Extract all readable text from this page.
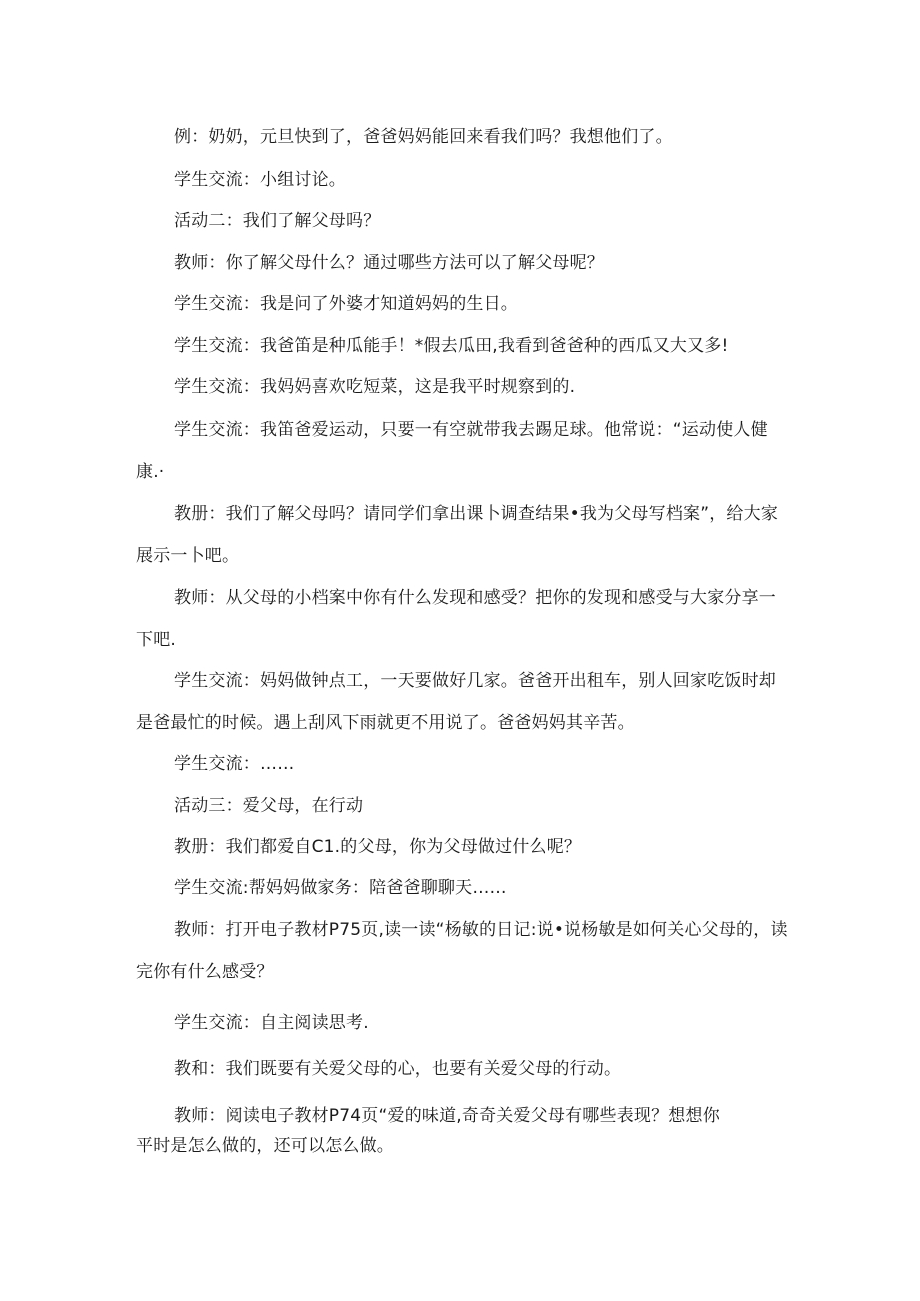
例：奶奶，元旦快到了，爸爸妈妈能回来看我们吗？我想他们了。
学生交流：小组讨论。
活动二：我们了解父母吗？
教师：你了解父母什么？通过哪些方法可以了解父母呢？
学生交流：我是问了外婆才知道妈妈的生日。
学生交流：我爸笛是种瓜能手！*假去瓜田,我看到爸爸种的西瓜又大又多!
学生交流：我妈妈喜欢吃短菜，这是我平时规察到的.
学生交流：我笛爸爱运动，只要一有空就带我去踢足球。他常说：“运动使人健
康.·
教册：我们了解父母吗？请同学们拿出课卜调查结果•我为父母写档案”，给大家
展示一卜吧。
教师：从父母的小档案中你有什么发现和感受？把你的发现和感受与大家分享一
下吧.
学生交流：妈妈做钟点工，一天要做好几家。爸爸开出租车，别人回家吃饭时却
是爸最忙的时候。遇上刮风下雨就更不用说了。爸爸妈妈其辛苦。
学生交流：……
活动三：爱父母，在行动
教册：我们都爱自C1.的父母，你为父母做过什么呢？
学生交流:帮妈妈做家务：陪爸爸聊聊天……
教师：打开电子教材P75页,读一读“杨敏的日记:说•说杨敏是如何关心父母的，读
完你有什么感受？
学生交流：自主阅读思考.
教和：我们既要有关爱父母的心，也要有关爱父母的行动。
教师：阅读电子教材P74页“爱的味道,奇奇关爱父母有哪些表现？想想你
平时是怎么做的，还可以怎么做。
